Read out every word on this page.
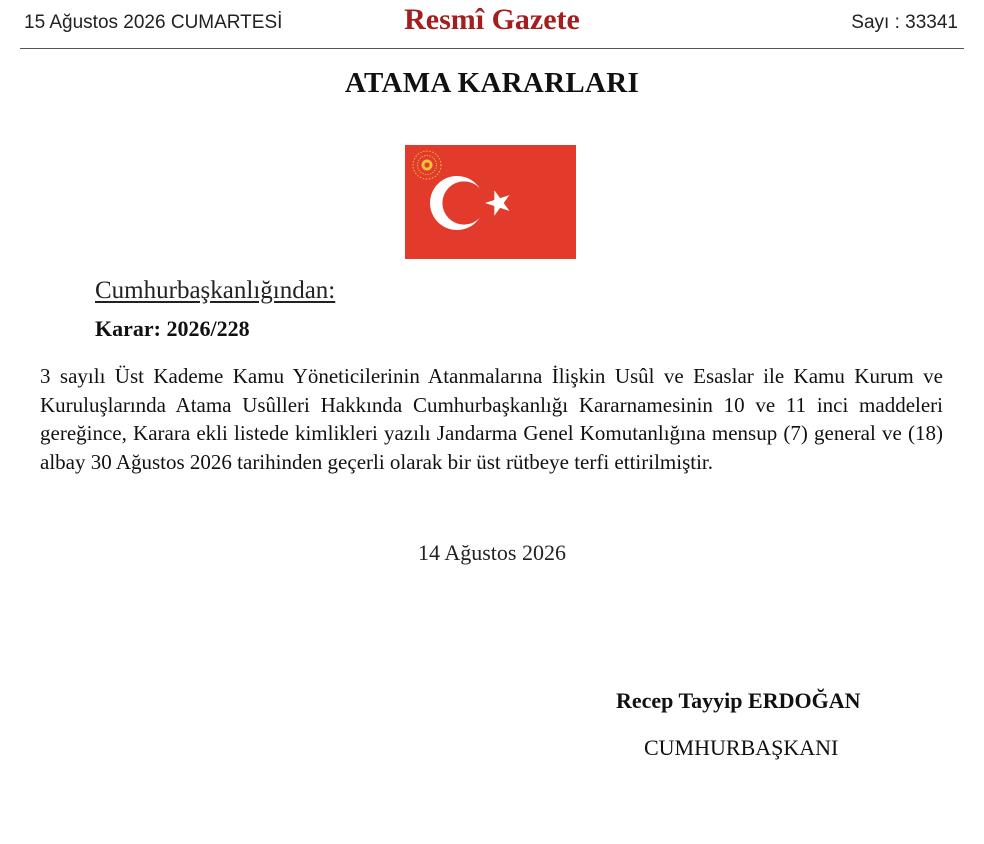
15 Ağustos 2026 CUMARTESİ	Resmî Gazete	Sayı : 33341
ATAMA KARARLARI
Cumhurbaşkanlığından:
Karar: 2026/228
3 sayılı Üst Kademe Kamu Yöneticilerinin Atanmalarına İlişkin Usûl ve Esaslar ile Kamu Kurum ve Kuruluşlarında Atama Usûlleri Hakkında Cumhurbaşkanlığı Kararnamesinin 10 ve 11 inci maddeleri gereğince, Karara ekli listede kimlikleri yazılı Jandarma Genel Komutanlığına mensup (7) general ve (18) albay 30 Ağustos 2026 tarihinden geçerli olarak bir üst rütbeye terfi ettirilmiştir.
14 Ağustos 2026
Recep Tayyip ERDOĞAN
CUMHURBAŞKANI
